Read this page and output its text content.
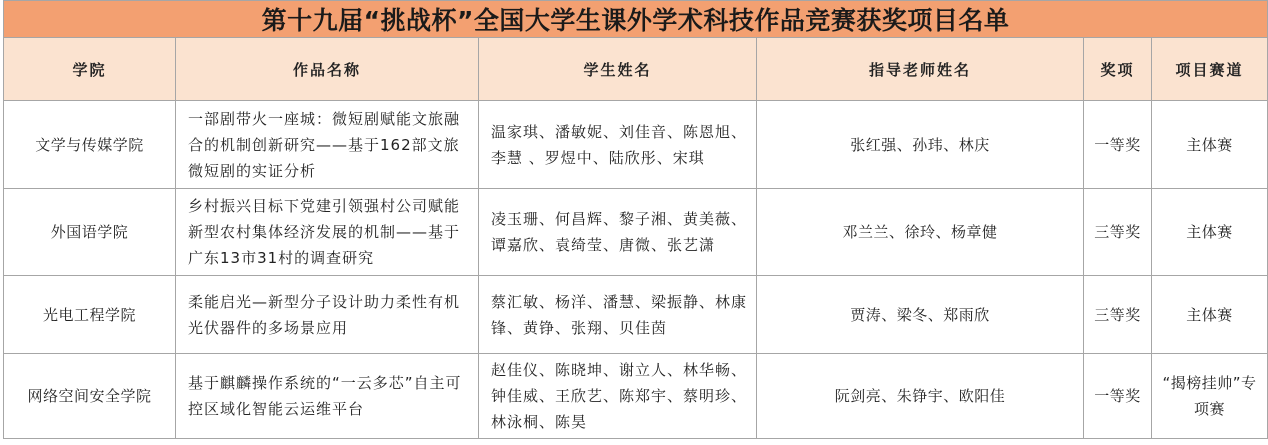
第十九届“挑战杯”全国大学生课外学术科技作品竞赛获奖项目名单					
学院	作品名称	学生姓名	指导老师姓名	奖项	项目赛道
文学与传媒学院	一部剧带火一座城：微短剧赋能文旅融合的机制创新研究——基于162部文旅微短剧的实证分析	温家琪、潘敏妮、刘佳音、陈恩旭、李慧 、罗煜中、陆欣彤、宋琪	张红强、孙玮、林庆	一等奖	主体赛
外国语学院	乡村振兴目标下党建引领强村公司赋能新型农村集体经济发展的机制——基于广东13市31村的调查研究	凌玉珊、何昌辉、黎子湘、黄美薇、谭嘉欣、袁绮莹、唐微、张艺潇	邓兰兰、徐玲、杨章健	三等奖	主体赛
光电工程学院	柔能启光—新型分子设计助力柔性有机光伏器件的多场景应用	蔡汇敏、杨洋、潘慧、梁振静、林康锋、黄铮、张翔、贝佳茵	贾涛、梁冬、郑雨欣	三等奖	主体赛
网络空间安全学院	基于麒麟操作系统的“一云多芯”自主可控区域化智能云运维平台	赵佳仪、陈晓坤、谢立人、林华畅、钟佳威、王欣艺、陈郑宇、蔡明珍、林泳桐、陈昊	阮剑亮、朱铮宇、欧阳佳	一等奖	“揭榜挂帅”专项赛
